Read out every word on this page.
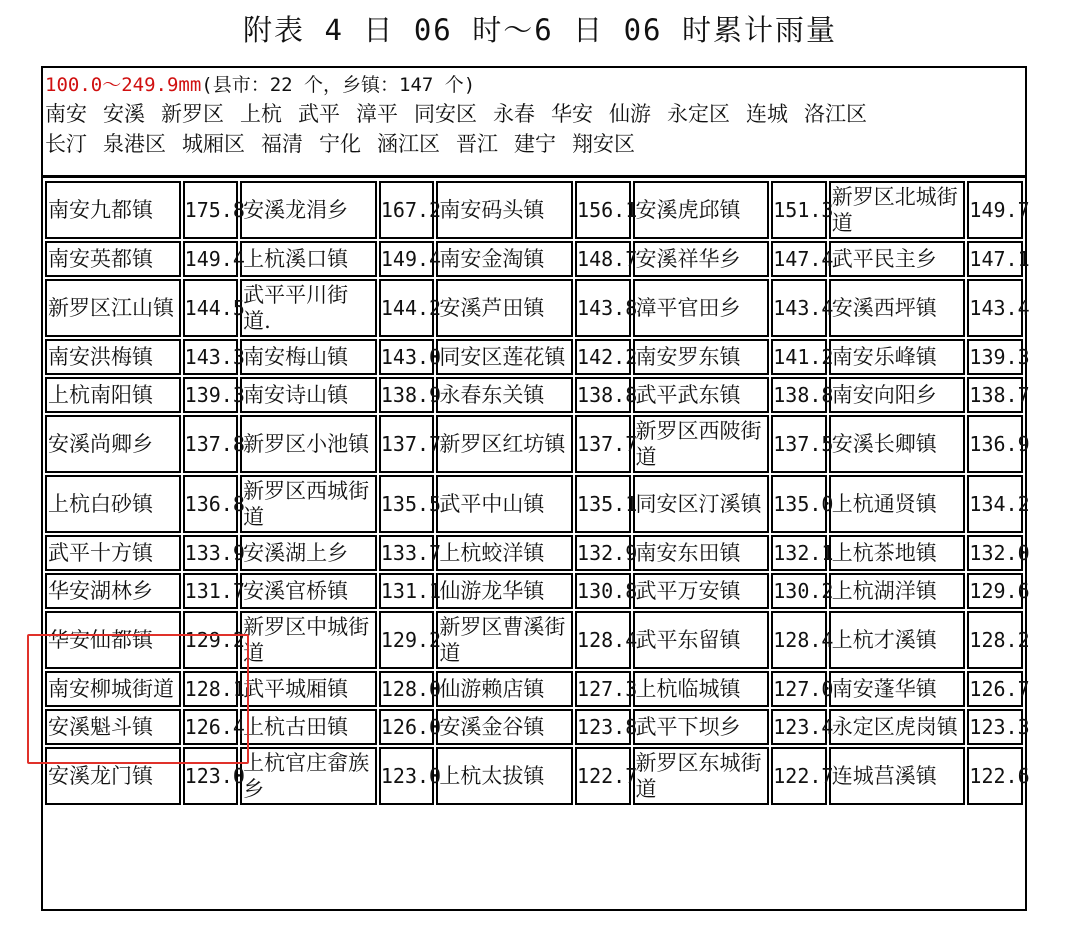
附表 4 日 06 时～6 日 06 时累计雨量
100.0～249.9mm(县市：22 个，乡镇：147 个)
南安 安溪 新罗区 上杭 武平 漳平 同安区 永春 华安 仙游 永定区 连城 洛江区
长汀 泉港区 城厢区 福清 宁化 涵江区 晋江 建宁 翔安区
南安九都镇	175.8	安溪龙涓乡	167.2	南安码头镇	156.1	安溪虎邱镇	151.3	新罗区北城街道	149.7
南安英都镇	149.4	上杭溪口镇	149.4	南安金淘镇	148.7	安溪祥华乡	147.4	武平民主乡	147.1
新罗区江山镇	144.5	武平平川街道.	144.2	安溪芦田镇	143.8	漳平官田乡	143.4	安溪西坪镇	143.4
南安洪梅镇	143.3	南安梅山镇	143.0	同安区莲花镇	142.2	南安罗东镇	141.2	南安乐峰镇	139.3
上杭南阳镇	139.3	南安诗山镇	138.9	永春东关镇	138.8	武平武东镇	138.8	南安向阳乡	138.7
安溪尚卿乡	137.8	新罗区小池镇	137.7	新罗区红坊镇	137.7	新罗区西陂街道	137.5	安溪长卿镇	136.9
上杭白砂镇	136.8	新罗区西城街道	135.5	武平中山镇	135.1	同安区汀溪镇	135.0	上杭通贤镇	134.2
武平十方镇	133.9	安溪湖上乡	133.7	上杭蛟洋镇	132.9	南安东田镇	132.1	上杭茶地镇	132.0
华安湖林乡	131.7	安溪官桥镇	131.1	仙游龙华镇	130.8	武平万安镇	130.2	上杭湖洋镇	129.6
华安仙都镇	129.2	新罗区中城街道	129.2	新罗区曹溪街道	128.4	武平东留镇	128.4	上杭才溪镇	128.2
南安柳城街道	128.1	武平城厢镇	128.0	仙游赖店镇	127.3	上杭临城镇	127.0	南安蓬华镇	126.7
安溪魁斗镇	126.4	上杭古田镇	126.0	安溪金谷镇	123.8	武平下坝乡	123.4	永定区虎岗镇	123.3
安溪龙门镇	123.0	上杭官庄畲族乡	123.0	上杭太拔镇	122.7	新罗区东城街道	122.7	连城莒溪镇	122.6
